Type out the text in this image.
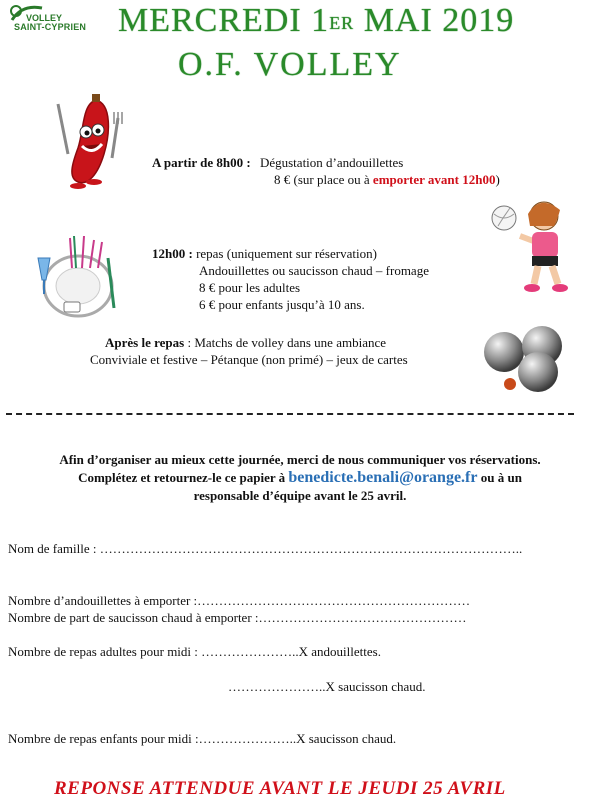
VOLLEY
SAINT-CYPRIEN MERCREDI 1ER MAI 2019
O.F. VOLLEY
A partir de 8h00 : Dégustation d’andouillettes
8 € (sur place ou à emporter avant 12h00)
12h00 : repas (uniquement sur réservation)
Andouillettes ou saucisson chaud – fromage
8 € pour les adultes
6 € pour enfants jusqu’à 10 ans.
Après le repas : Matchs de volley dans une ambiance
Conviviale et festive – Pétanque (non primé) – jeux de cartes
Afin d’organiser au mieux cette journée, merci de nous communiquer vos réservations.
Complétez et retournez-le ce papier à benedicte.benali@orange.fr ou à un
responsable d’équipe avant le 25 avril.
Nom de famille : ……………………………………………………………………………………..
Nombre d’andouillettes à emporter :………………………………………………………
Nombre de part de saucisson chaud à emporter :…………………………………………
Nombre de repas adultes pour midi : …………………..X andouillettes.
…………………..X saucisson chaud.
Nombre de repas enfants pour midi :…………………..X saucisson chaud.
REPONSE ATTENDUE AVANT LE JEUDI 25 AVRIL
